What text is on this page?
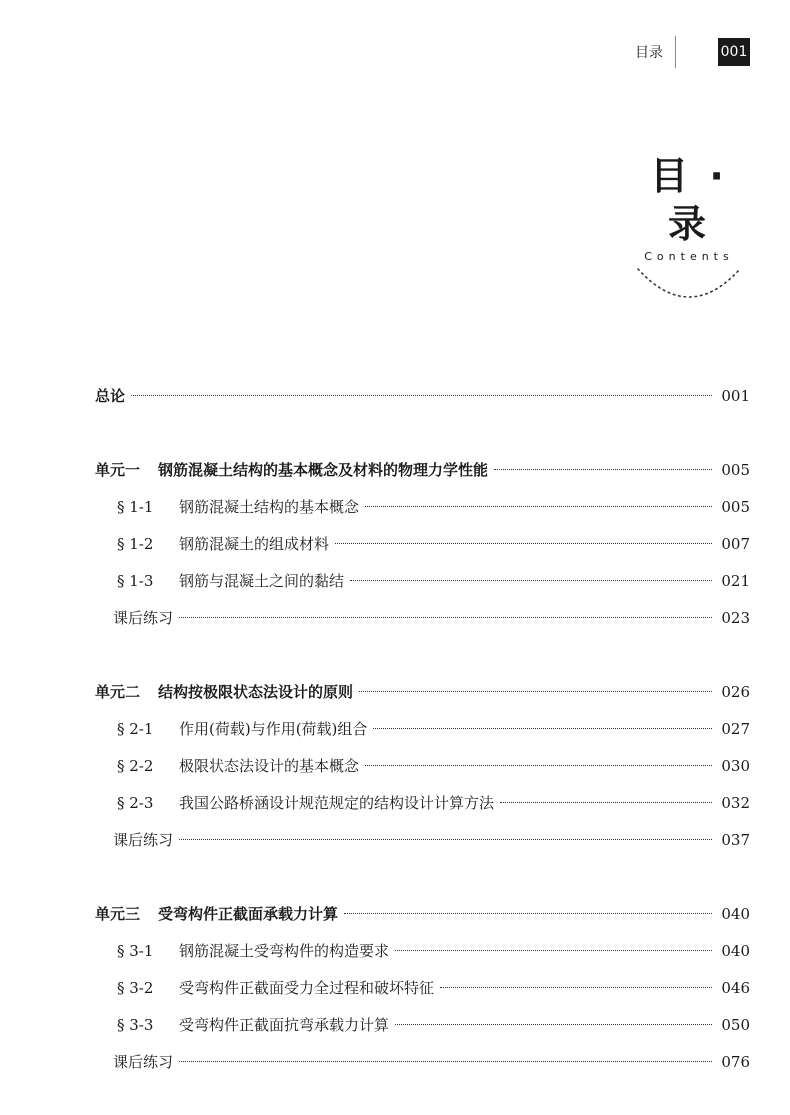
目录	001
目 · 录
Contents
总论	001
单元一 钢筋混凝土结构的基本概念及材料的物理力学性能	005
§ 1-1	钢筋混凝土结构的基本概念	005
§ 1-2	钢筋混凝土的组成材料	007
§ 1-3	钢筋与混凝土之间的黏结	021
课后练习	023
单元二 结构按极限状态法设计的原则	026
§ 2-1	作用(荷载)与作用(荷载)组合	027
§ 2-2	极限状态法设计的基本概念	030
§ 2-3	我国公路桥涵设计规范规定的结构设计计算方法	032
课后练习	037
单元三 受弯构件正截面承载力计算	040
§ 3-1	钢筋混凝土受弯构件的构造要求	040
§ 3-2	受弯构件正截面受力全过程和破坏特征	046
§ 3-3	受弯构件正截面抗弯承载力计算	050
课后练习	076
